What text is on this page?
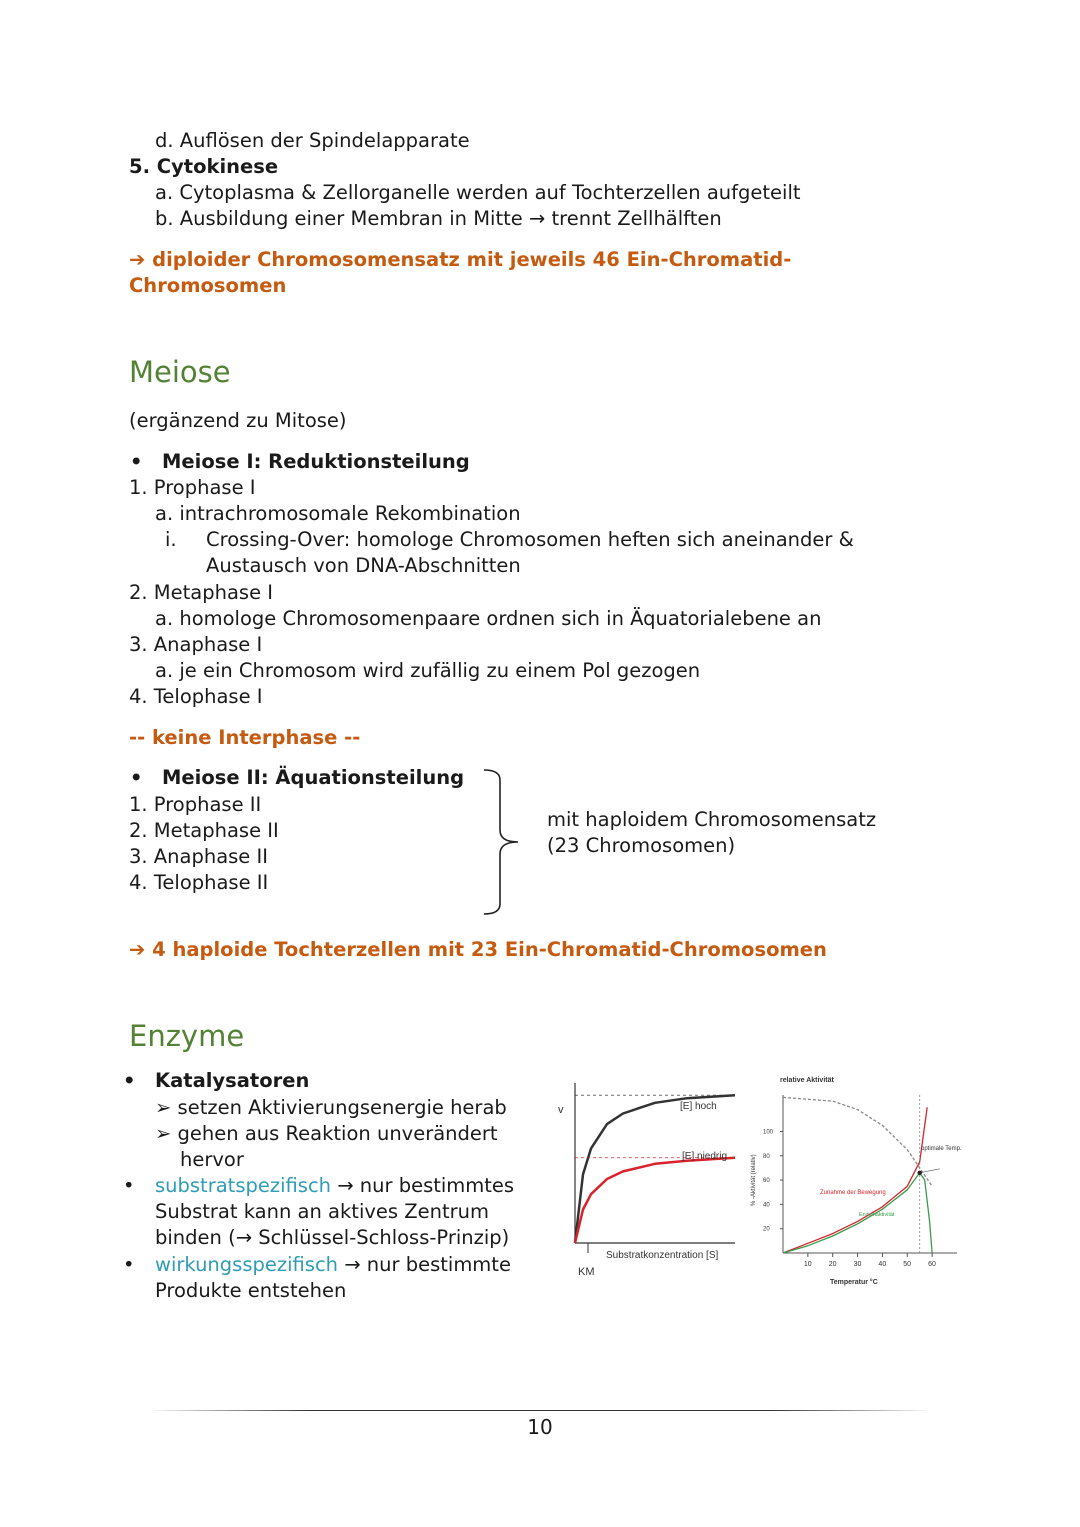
d. Auflösen der Spindelapparate
5. Cytokinese
a. Cytoplasma & Zellorganelle werden auf Tochterzellen aufgeteilt
b. Ausbildung einer Membran in Mitte → trennt Zellhälften
➔ diploider Chromosomensatz mit jeweils 46 Ein-Chromatid-
Chromosomen
Meiose
(ergänzend zu Mitose)
• Meiose I: Reduktionsteilung
1. Prophase I
a. intrachromosomale Rekombination
i. Crossing-Over: homologe Chromosomen heften sich aneinander &
Austausch von DNA-Abschnitten
2. Metaphase I
a. homologe Chromosomenpaare ordnen sich in Äquatorialebene an
3. Anaphase I
a. je ein Chromosom wird zufällig zu einem Pol gezogen
4. Telophase I
-- keine Interphase --
• Meiose II: Äquationsteilung
1. Prophase II
2. Metaphase II
3. Anaphase II
4. Telophase II
mit haploidem Chromosomensatz
(23 Chromosomen)
➔ 4 haploide Tochterzellen mit 23 Ein-Chromatid-Chromosomen
Enzyme
• Katalysatoren
➢ setzen Aktivierungsenergie herab
➢ gehen aus Reaktion unverändert
hervor
• substratspezifisch → nur bestimmtes
Substrat kann an aktives Zentrum
binden (→ Schlüssel-Schloss-Prinzip)
• wirkungsspezifisch → nur bestimmte
Produkte entstehen
v
KM
Substratkonzentration [S]
[E] hoch
[E] niedrig
relative Aktivität
% -Aktivität (relativ)
10 20 30 40 50 60
20
40
60
80
100
optimale Temp.
Zunahme der Bewegung
Enzymaktivität
Temperatur °C
10
